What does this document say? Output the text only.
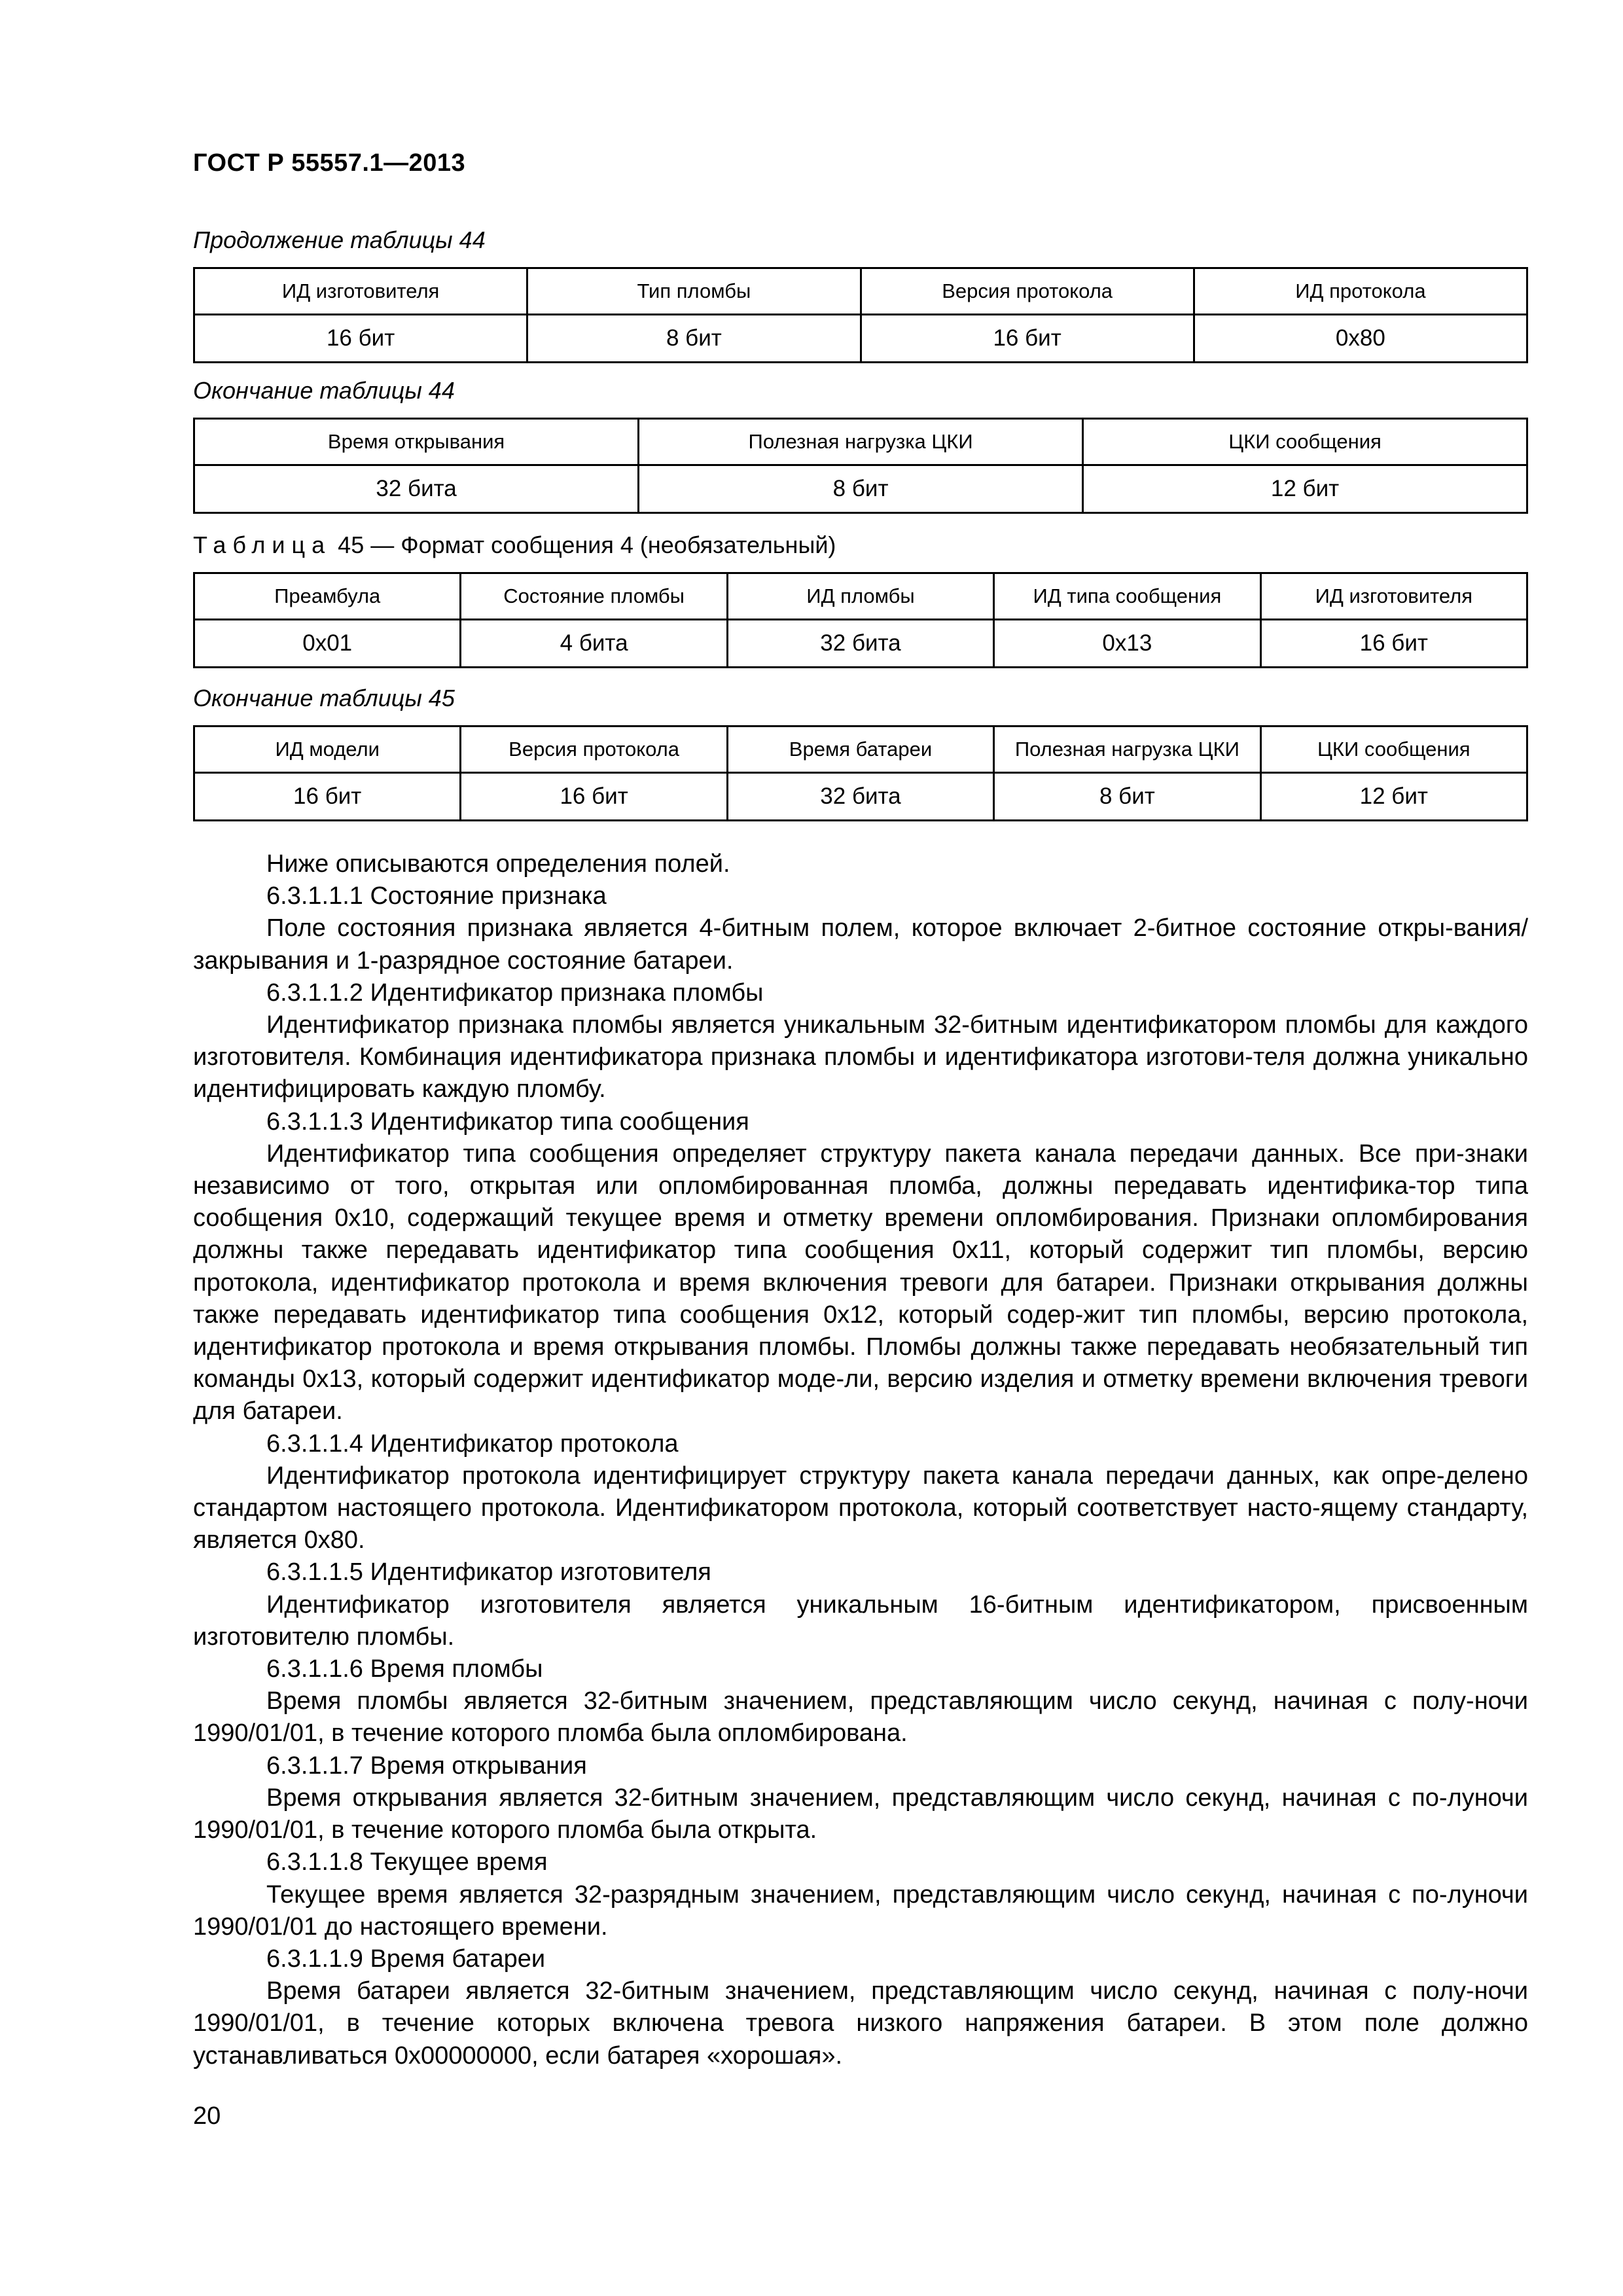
ГОСТ Р 55557.1—2013
Продолжение таблицы 44
ИД изготовителя	Тип пломбы	Версия протокола	ИД протокола
16 бит	8 бит	16 бит	0x80
Окончание таблицы 44
Время открывания	Полезная нагрузка ЦКИ	ЦКИ сообщения
32 бита	8 бит	12 бит
Таблица 45 — Формат сообщения 4 (необязательный)
Преамбула	Состояние пломбы	ИД пломбы	ИД типа сообщения	ИД изготовителя
0x01	4 бита	32 бита	0x13	16 бит
Окончание таблицы 45
ИД модели	Версия протокола	Время батареи	Полезная нагрузка ЦКИ	ЦКИ сообщения
16 бит	16 бит	32 бита	8 бит	12 бит

Ниже описываются определения полей.

6.3.1.1.1 Состояние признака

Поле состояния признака является 4-битным полем, которое включает 2-битное состояние откры-вания/закрывания и 1-разрядное состояние батареи.

6.3.1.1.2 Идентификатор признака пломбы

Идентификатор признака пломбы является уникальным 32-битным идентификатором пломбы для каждого изготовителя. Комбинация идентификатора признака пломбы и идентификатора изготови-теля должна уникально идентифицировать каждую пломбу.

6.3.1.1.3 Идентификатор типа сообщения

Идентификатор типа сообщения определяет структуру пакета канала передачи данных. Все при-знаки независимо от того, открытая или опломбированная пломба, должны передавать идентифика-тор типа сообщения 0x10, содержащий текущее время и отметку времени опломбирования. Признаки опломбирования должны также передавать идентификатор типа сообщения 0x11, который содержит тип пломбы, версию протокола, идентификатор протокола и время включения тревоги для батареи. Признаки открывания должны также передавать идентификатор типа сообщения 0x12, который содер-жит тип пломбы, версию протокола, идентификатор протокола и время открывания пломбы. Пломбы должны также передавать необязательный тип команды 0x13, который содержит идентификатор моде-ли, версию изделия и отметку времени включения тревоги для батареи.

6.3.1.1.4 Идентификатор протокола

Идентификатор протокола идентифицирует структуру пакета канала передачи данных, как опре-делено стандартом настоящего протокола. Идентификатором протокола, который соответствует насто-ящему стандарту, является 0x80.

6.3.1.1.5 Идентификатор изготовителя

Идентификатор изготовителя является уникальным 16-битным идентификатором, присвоенным изготовителю пломбы.

6.3.1.1.6 Время пломбы

Время пломбы является 32-битным значением, представляющим число секунд, начиная с полу-ночи 1990/01/01, в течение которого пломба была опломбирована.

6.3.1.1.7 Время открывания

Время открывания является 32-битным значением, представляющим число секунд, начиная с по-луночи 1990/01/01, в течение которого пломба была открыта.

6.3.1.1.8 Текущее время

Текущее время является 32-разрядным значением, представляющим число секунд, начиная с по-луночи 1990/01/01 до настоящего времени.

6.3.1.1.9 Время батареи

Время батареи является 32-битным значением, представляющим число секунд, начиная с полу-ночи 1990/01/01, в течение которых включена тревога низкого напряжения батареи. В этом поле должно устанавливаться 0x00000000, если батарея «хорошая».

20
